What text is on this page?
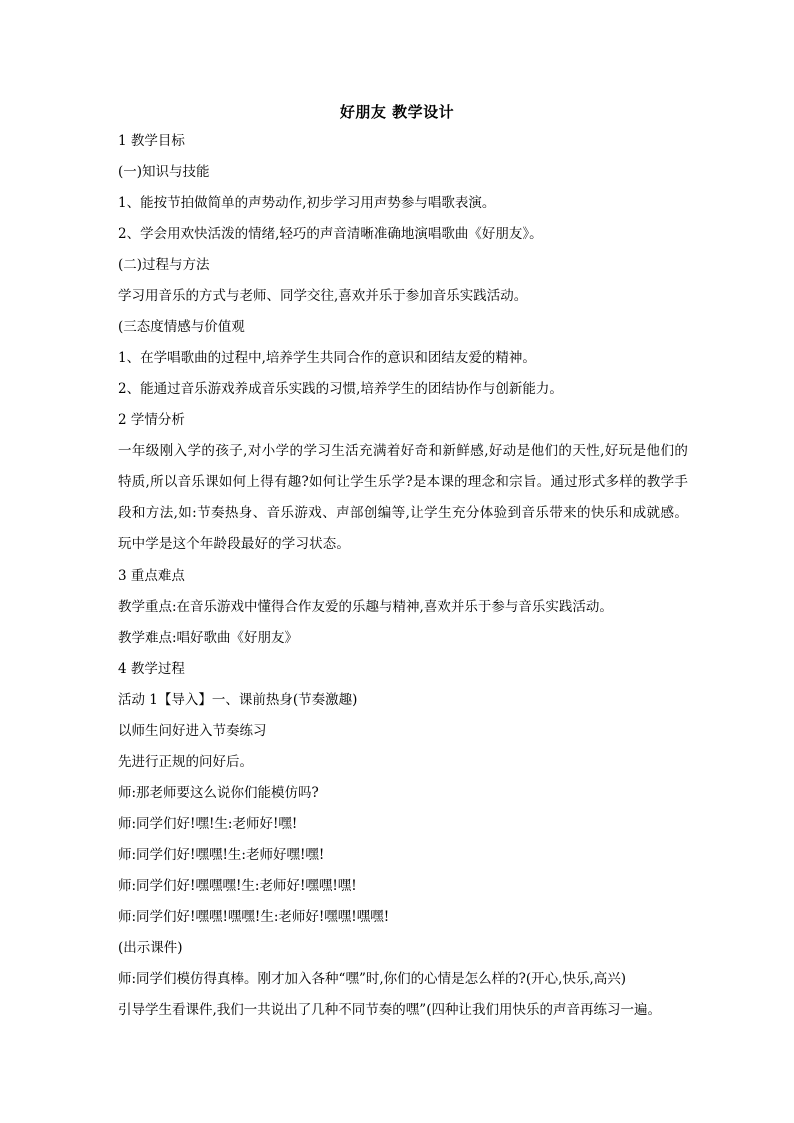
好朋友 教学设计
1 教学目标
(一)知识与技能
1、能按节拍做简单的声势动作,初步学习用声势参与唱歌表演。
2、学会用欢快活泼的情绪,轻巧的声音清晰准确地演唱歌曲《好朋友》。
(二)过程与方法
学习用音乐的方式与老师、同学交往,喜欢并乐于参加音乐实践活动。
(三态度情感与价值观
1、在学唱歌曲的过程中,培养学生共同合作的意识和团结友爱的精神。
2、能通过音乐游戏养成音乐实践的习惯,培养学生的团结协作与创新能力。
2 学情分析
一年级刚入学的孩子,对小学的学习生活充满着好奇和新鲜感,好动是他们的天性,好玩是他们的特质,所以音乐课如何上得有趣?如何让学生乐学?是本课的理念和宗旨。通过形式多样的教学手段和方法,如:节奏热身、音乐游戏、声部创编等,让学生充分体验到音乐带来的快乐和成就感。玩中学是这个年龄段最好的学习状态。
3 重点难点
教学重点:在音乐游戏中懂得合作友爱的乐趣与精神,喜欢并乐于参与音乐实践活动。
教学难点:唱好歌曲《好朋友》
4 教学过程
活动 1【导入】一、课前热身(节奏激趣)
以师生问好进入节奏练习
先进行正规的问好后。
师:那老师要这么说你们能模仿吗?
师:同学们好!嘿!生:老师好!嘿!
师:同学们好!嘿嘿!生:老师好嘿!嘿!
师:同学们好!嘿嘿嘿!生:老师好!嘿嘿!嘿!
师:同学们好!嘿嘿!嘿嘿!生:老师好!嘿嘿!嘿嘿!
(出示课件)
师:同学们模仿得真棒。刚才加入各种“嘿”时,你们的心情是怎么样的?(开心,快乐,高兴)
引导学生看课件,我们一共说出了几种不同节奏的嘿”(四种让我们用快乐的声音再练习一遍。
